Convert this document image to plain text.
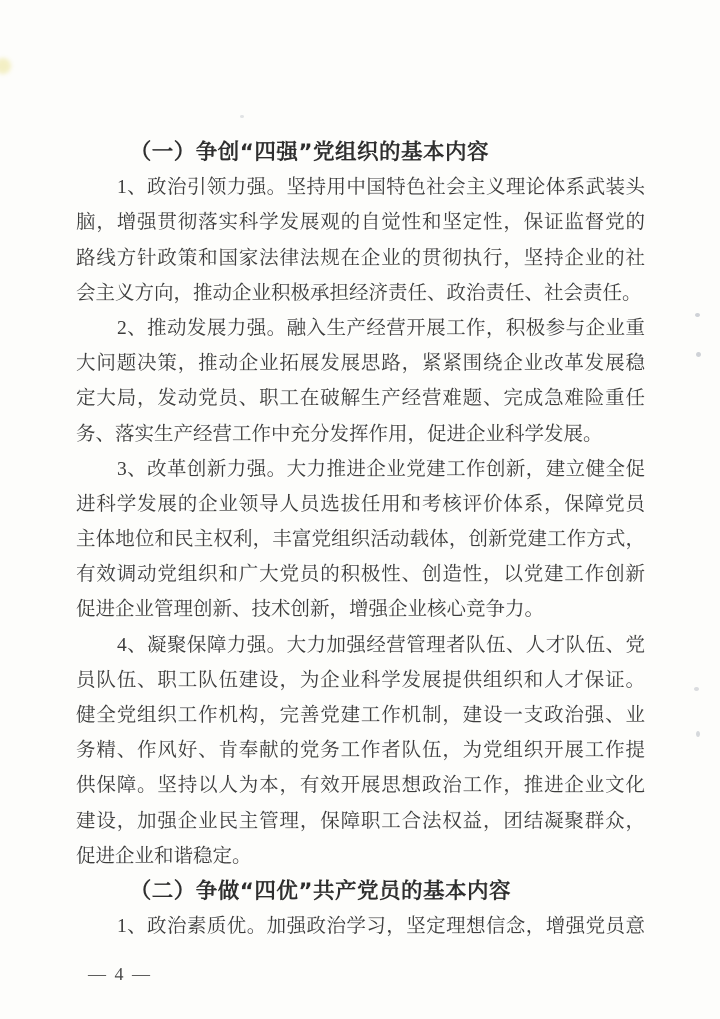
（一）争创“四强”党组织的基本内容
1、政治引领力强。坚持用中国特色社会主义理论体系武装头
脑，增强贯彻落实科学发展观的自觉性和坚定性，保证监督党的
路线方针政策和国家法律法规在企业的贯彻执行，坚持企业的社
会主义方向，推动企业积极承担经济责任、政治责任、社会责任。
2、推动发展力强。融入生产经营开展工作，积极参与企业重
大问题决策，推动企业拓展发展思路，紧紧围绕企业改革发展稳
定大局，发动党员、职工在破解生产经营难题、完成急难险重任
务、落实生产经营工作中充分发挥作用，促进企业科学发展。
3、改革创新力强。大力推进企业党建工作创新，建立健全促
进科学发展的企业领导人员选拔任用和考核评价体系，保障党员
主体地位和民主权利，丰富党组织活动载体，创新党建工作方式，
有效调动党组织和广大党员的积极性、创造性，以党建工作创新
促进企业管理创新、技术创新，增强企业核心竞争力。
4、凝聚保障力强。大力加强经营管理者队伍、人才队伍、党
员队伍、职工队伍建设，为企业科学发展提供组织和人才保证。
健全党组织工作机构，完善党建工作机制，建设一支政治强、业
务精、作风好、肯奉献的党务工作者队伍，为党组织开展工作提
供保障。坚持以人为本，有效开展思想政治工作，推进企业文化
建设，加强企业民主管理，保障职工合法权益，团结凝聚群众，
促进企业和谐稳定。
（二）争做“四优”共产党员的基本内容
1、政治素质优。加强政治学习，坚定理想信念，增强党员意
— 4 —
